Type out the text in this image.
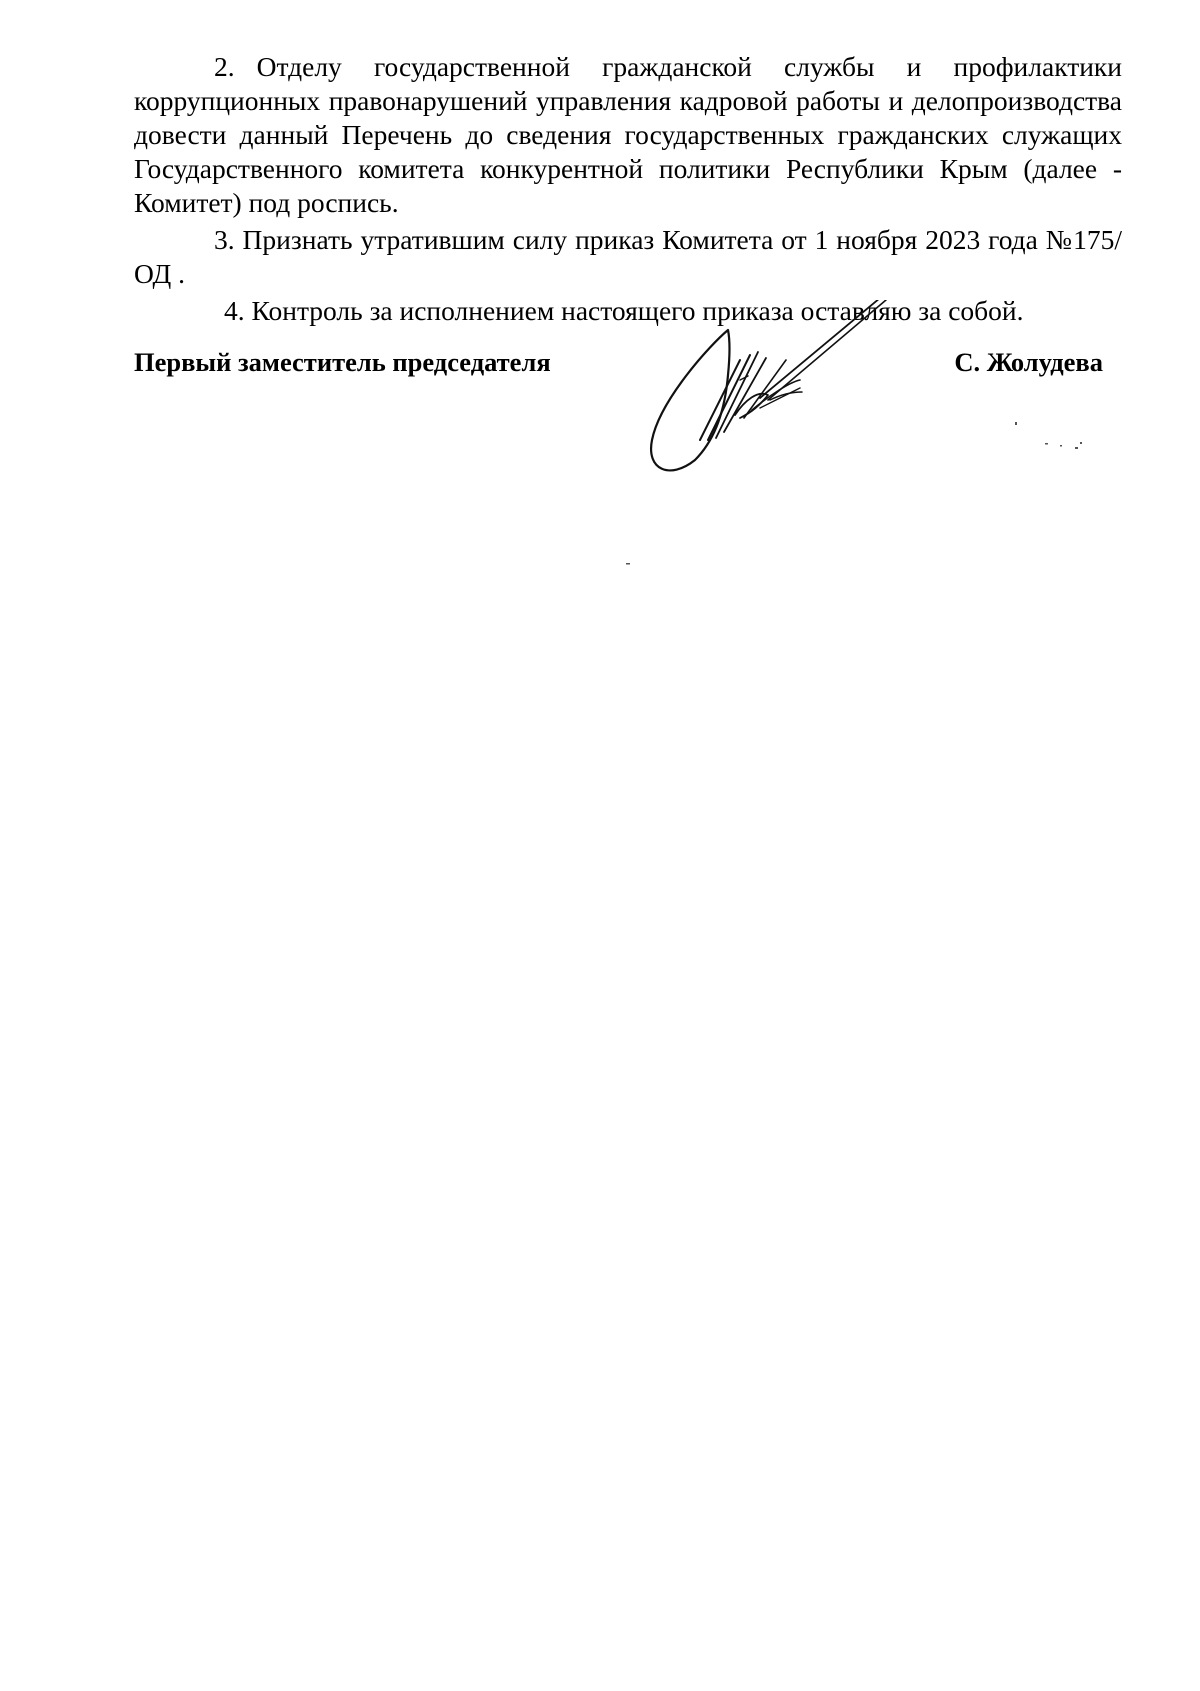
2. Отделу государственной гражданской службы и профилактики коррупционных правонарушений управления кадровой работы и делопроизводства довести данный Перечень до сведения государственных гражданских служащих Государственного комитета конкурентной политики Республики Крым (далее - Комитет) под роспись.

3. Признать утратившим силу приказ Комитета от 1 ноября 2023 года №175/ОД .

4. Контроль за исполнением настоящего приказа оставляю за собой.

Первый заместитель председателя	С. Жолудева
